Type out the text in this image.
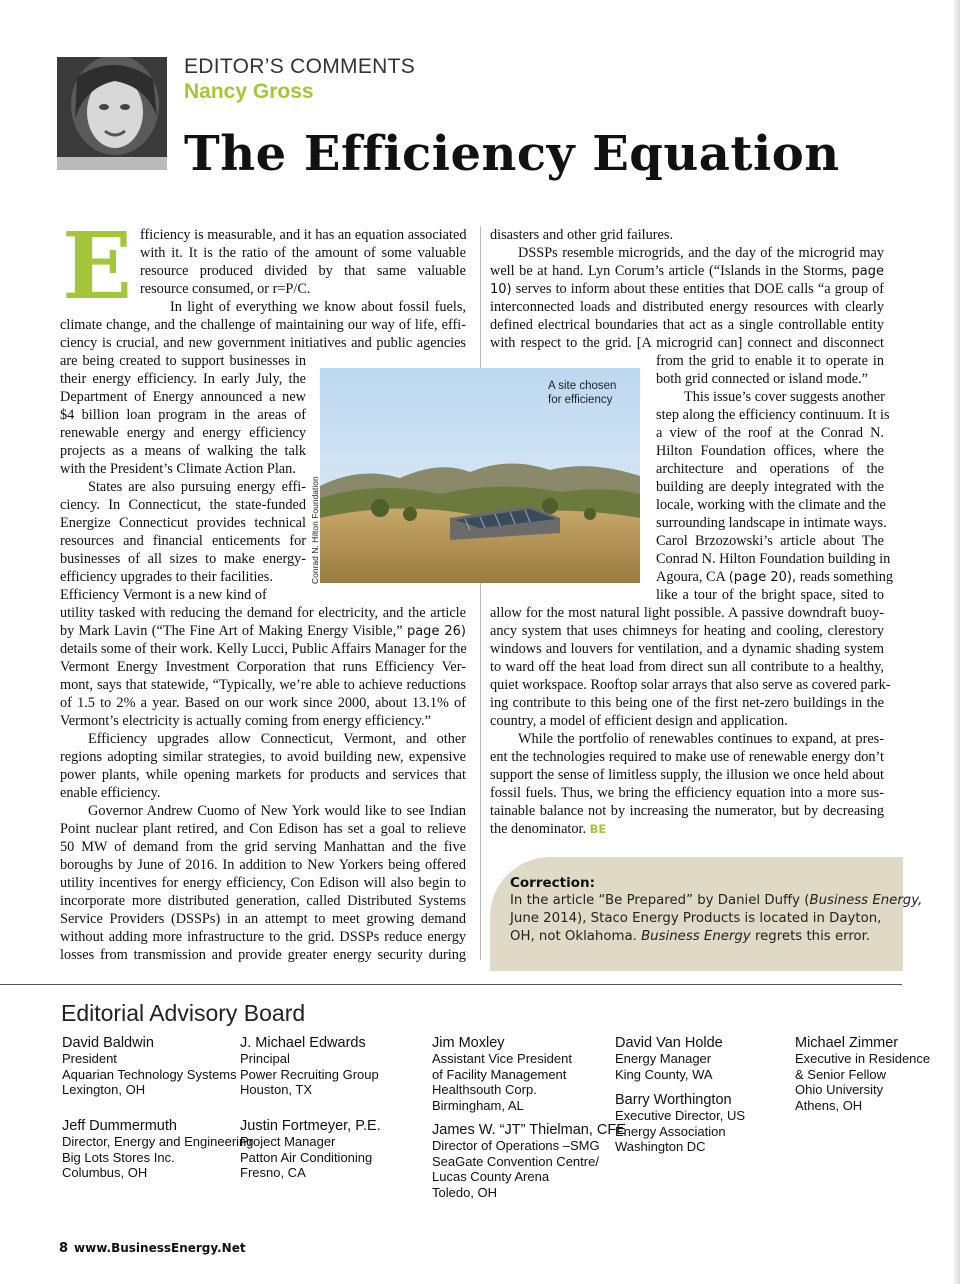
EDITOR’S COMMENTS
Nancy Gross
The Efficiency Equation
E fficiency is measurable, and it has an equation associated
with it. It is the ratio of the amount of some valuable
resource produced divided by that same valuable
resource consumed, or r=P/C.
In light of everything we know about fossil fuels,
climate change, and the challenge of maintaining our way of life, effi-
ciency is crucial, and new government initiatives and public agencies
are being created to support businesses in
their energy efficiency. In early July, the
Department of Energy announced a new
$4 billion loan program in the areas of
renewable energy and energy efficiency
projects as a means of walking the talk
with the President’s Climate Action Plan.
States are also pursuing energy effi-
ciency. In Connecticut, the state-funded
Energize Connecticut provides technical
resources and financial enticements for
businesses of all sizes to make energy-
efficiency upgrades to their facilities.
Efficiency Vermont is a new kind of
utility tasked with reducing the demand for electricity, and the article
by Mark Lavin (“The Fine Art of Making Energy Visible,” page 26)
details some of their work. Kelly Lucci, Public Affairs Manager for the
Vermont Energy Investment Corporation that runs Efficiency Ver-
mont, says that statewide, “Typically, we’re able to achieve reductions
of 1.5 to 2% a year. Based on our work since 2000, about 13.1% of
Vermont’s electricity is actually coming from energy efficiency.”
Efficiency upgrades allow Connecticut, Vermont, and other
regions adopting similar strategies, to avoid building new, expensive
power plants, while opening markets for products and services that
enable efficiency.
Governor Andrew Cuomo of New York would like to see Indian
Point nuclear plant retired, and Con Edison has set a goal to relieve
50 MW of demand from the grid serving Manhattan and the five
boroughs by June of 2016. In addition to New Yorkers being offered
utility incentives for energy efficiency, Con Edison will also begin to
incorporate more distributed generation, called Distributed Systems
Service Providers (DSSPs) in an attempt to meet growing demand
without adding more infrastructure to the grid. DSSPs reduce energy
losses from transmission and provide greater energy security during
disasters and other grid failures.
DSSPs resemble microgrids, and the day of the microgrid may
well be at hand. Lyn Corum’s article (“Islands in the Storms, page
10) serves to inform about these entities that DOE calls “a group of
interconnected loads and distributed energy resources with clearly
defined electrical boundaries that act as a single controllable entity
with respect to the grid. [A microgrid can] connect and disconnect
from the grid to enable it to operate in
both grid connected or island mode.”
This issue’s cover suggests another
step along the efficiency continuum. It is
a view of the roof at the Conrad N.
Hilton Foundation offices, where the
architecture and operations of the
building are deeply integrated with the
locale, working with the climate and the
surrounding landscape in intimate ways.
Carol Brzozowski’s article about The
Conrad N. Hilton Foundation building in
Agoura, CA (page 20), reads something
like a tour of the bright space, sited to
allow for the most natural light possible. A passive downdraft buoy-
ancy system that uses chimneys for heating and cooling, clerestory
windows and louvers for ventilation, and a dynamic shading system
to ward off the heat load from direct sun all contribute to a healthy,
quiet workspace. Rooftop solar arrays that also serve as covered park-
ing contribute to this being one of the first net-zero buildings in the
country, a model of efficient design and application.
While the portfolio of renewables continues to expand, at pres-
ent the technologies required to make use of renewable energy don’t
support the sense of limitless supply, the illusion we once held about
fossil fuels. Thus, we bring the efficiency equation into a more sus-
tainable balance not by increasing the numerator, but by decreasing
the denominator. BE
A site chosen
for efficiency
Conrad N. Hilton Foundation
Correction:
In the article “Be Prepared” by Daniel Duffy (Business Energy,
June 2014), Staco Energy Products is located in Dayton,
OH, not Oklahoma. Business Energy regrets this error.
Editorial Advisory Board
David Baldwin
President
Aquarian Technology Systems
Lexington, OH
Jeff Dummermuth
Director, Energy and Engineering
Big Lots Stores Inc.
Columbus, OH
J. Michael Edwards
Principal
Power Recruiting Group
Houston, TX
Justin Fortmeyer, P.E.
Project Manager
Patton Air Conditioning
Fresno, CA
Jim Moxley
Assistant Vice President
of Facility Management
Healthsouth Corp.
Birmingham, AL
James W. “JT” Thielman, CFE
Director of Operations –SMG
SeaGate Convention Centre/
Lucas County Arena
Toledo, OH
David Van Holde
Energy Manager
King County, WA
Barry Worthington
Executive Director, US
Energy Association
Washington DC
Michael Zimmer
Executive in Residence
& Senior Fellow
Ohio University
Athens, OH
8 www.BusinessEnergy.Net
